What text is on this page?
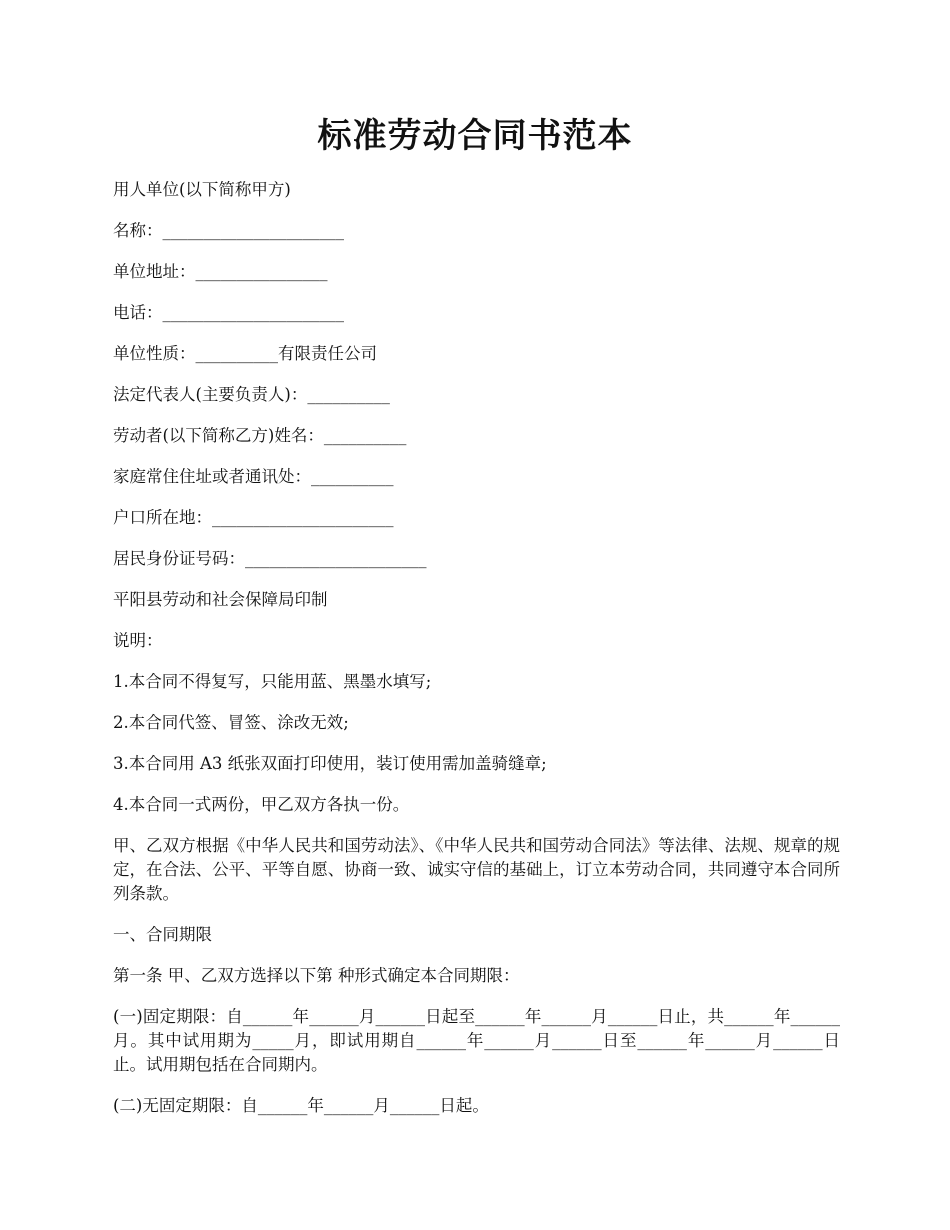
标准劳动合同书范本

用人单位(以下简称甲方)

名称：______________________

单位地址：________________

电话：______________________

单位性质：__________有限责任公司

法定代表人(主要负责人)：__________

劳动者(以下简称乙方)姓名：__________

家庭常住住址或者通讯处：__________

户口所在地：______________________

居民身份证号码：______________________

平阳县劳动和社会保障局印制

说明：

1.本合同不得复写，只能用蓝、黑墨水填写;

2.本合同代签、冒签、涂改无效;

3.本合同用 A3 纸张双面打印使用，装订使用需加盖骑缝章;

4.本合同一式两份，甲乙双方各执一份。

甲、乙双方根据《中华人民共和国劳动法》、《中华人民共和国劳动合同法》等法律、法规、规章的规定，在合法、公平、平等自愿、协商一致、诚实守信的基础上，订立本劳动合同，共同遵守本合同所列条款。

一、合同期限

第一条 甲、乙双方选择以下第 种形式确定本合同期限：

(一)固定期限：自______年______月______日起至______年______月______日止，共______年______月。其中试用期为_____月，即试用期自______年______月______日至______年______月______日止。试用期包括在合同期内。

(二)无固定期限：自______年______月______日起。
